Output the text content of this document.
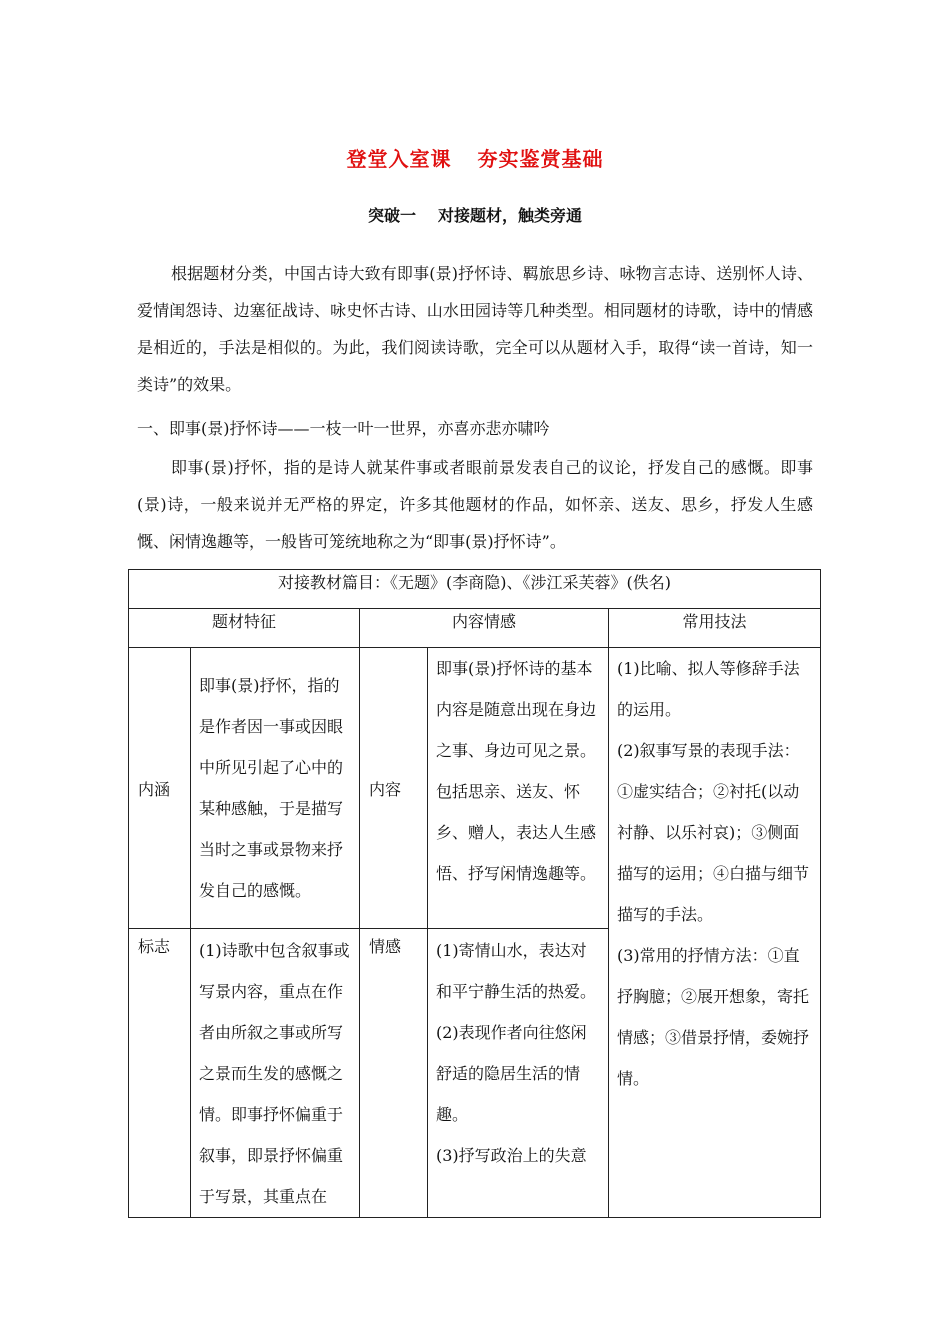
登堂入室课 夯实鉴赏基础
突破一 对接题材，触类旁通
根据题材分类，中国古诗大致有即事(景)抒怀诗、羁旅思乡诗、咏物言志诗、送别怀人诗、爱情闺怨诗、边塞征战诗、咏史怀古诗、山水田园诗等几种类型。相同题材的诗歌，诗中的情感是相近的，手法是相似的。为此，我们阅读诗歌，完全可以从题材入手，取得“读一首诗，知一类诗”的效果。
一、即事(景)抒怀诗——一枝一叶一世界，亦喜亦悲亦啸吟
即事(景)抒怀，指的是诗人就某件事或者眼前景发表自己的议论，抒发自己的感慨。即事(景)诗，一般来说并无严格的界定，许多其他题材的作品，如怀亲、送友、思乡，抒发人生感慨、闲情逸趣等，一般皆可笼统地称之为“即事(景)抒怀诗”。
对接教材篇目：《无题》(李商隐)、《涉江采芙蓉》(佚名)				
题材特征		内容情感		常用技法
内涵	即事(景)抒怀，指的是作者因一事或因眼中所见引起了心中的某种感触，于是描写当时之事或景物来抒发自己的感慨。	内容	即事(景)抒怀诗的基本内容是随意出现在身边之事、身边可见之景。包括思亲、送友、怀乡、赠人，表达人生感悟、抒写闲情逸趣等。	(1)比喻、拟人等修辞手法的运用。
(2)叙事写景的表现手法：①虚实结合；②衬托(以动衬静、以乐衬哀)；③侧面描写的运用；④白描与细节描写的手法。
(3)常用的抒情方法：①直抒胸臆；②展开想象，寄托情感；③借景抒情，委婉抒情。

标志	(1)诗歌中包含叙事或写景内容，重点在作者由所叙之事或所写之景而生发的感慨之情。即事抒怀偏重于叙事，即景抒怀偏重于写景，其重点在	情感	(1)寄情山水，表达对和平宁静生活的热爱。
(2)表现作者向往悠闲舒适的隐居生活的情趣。
(3)抒写政治上的失意	
